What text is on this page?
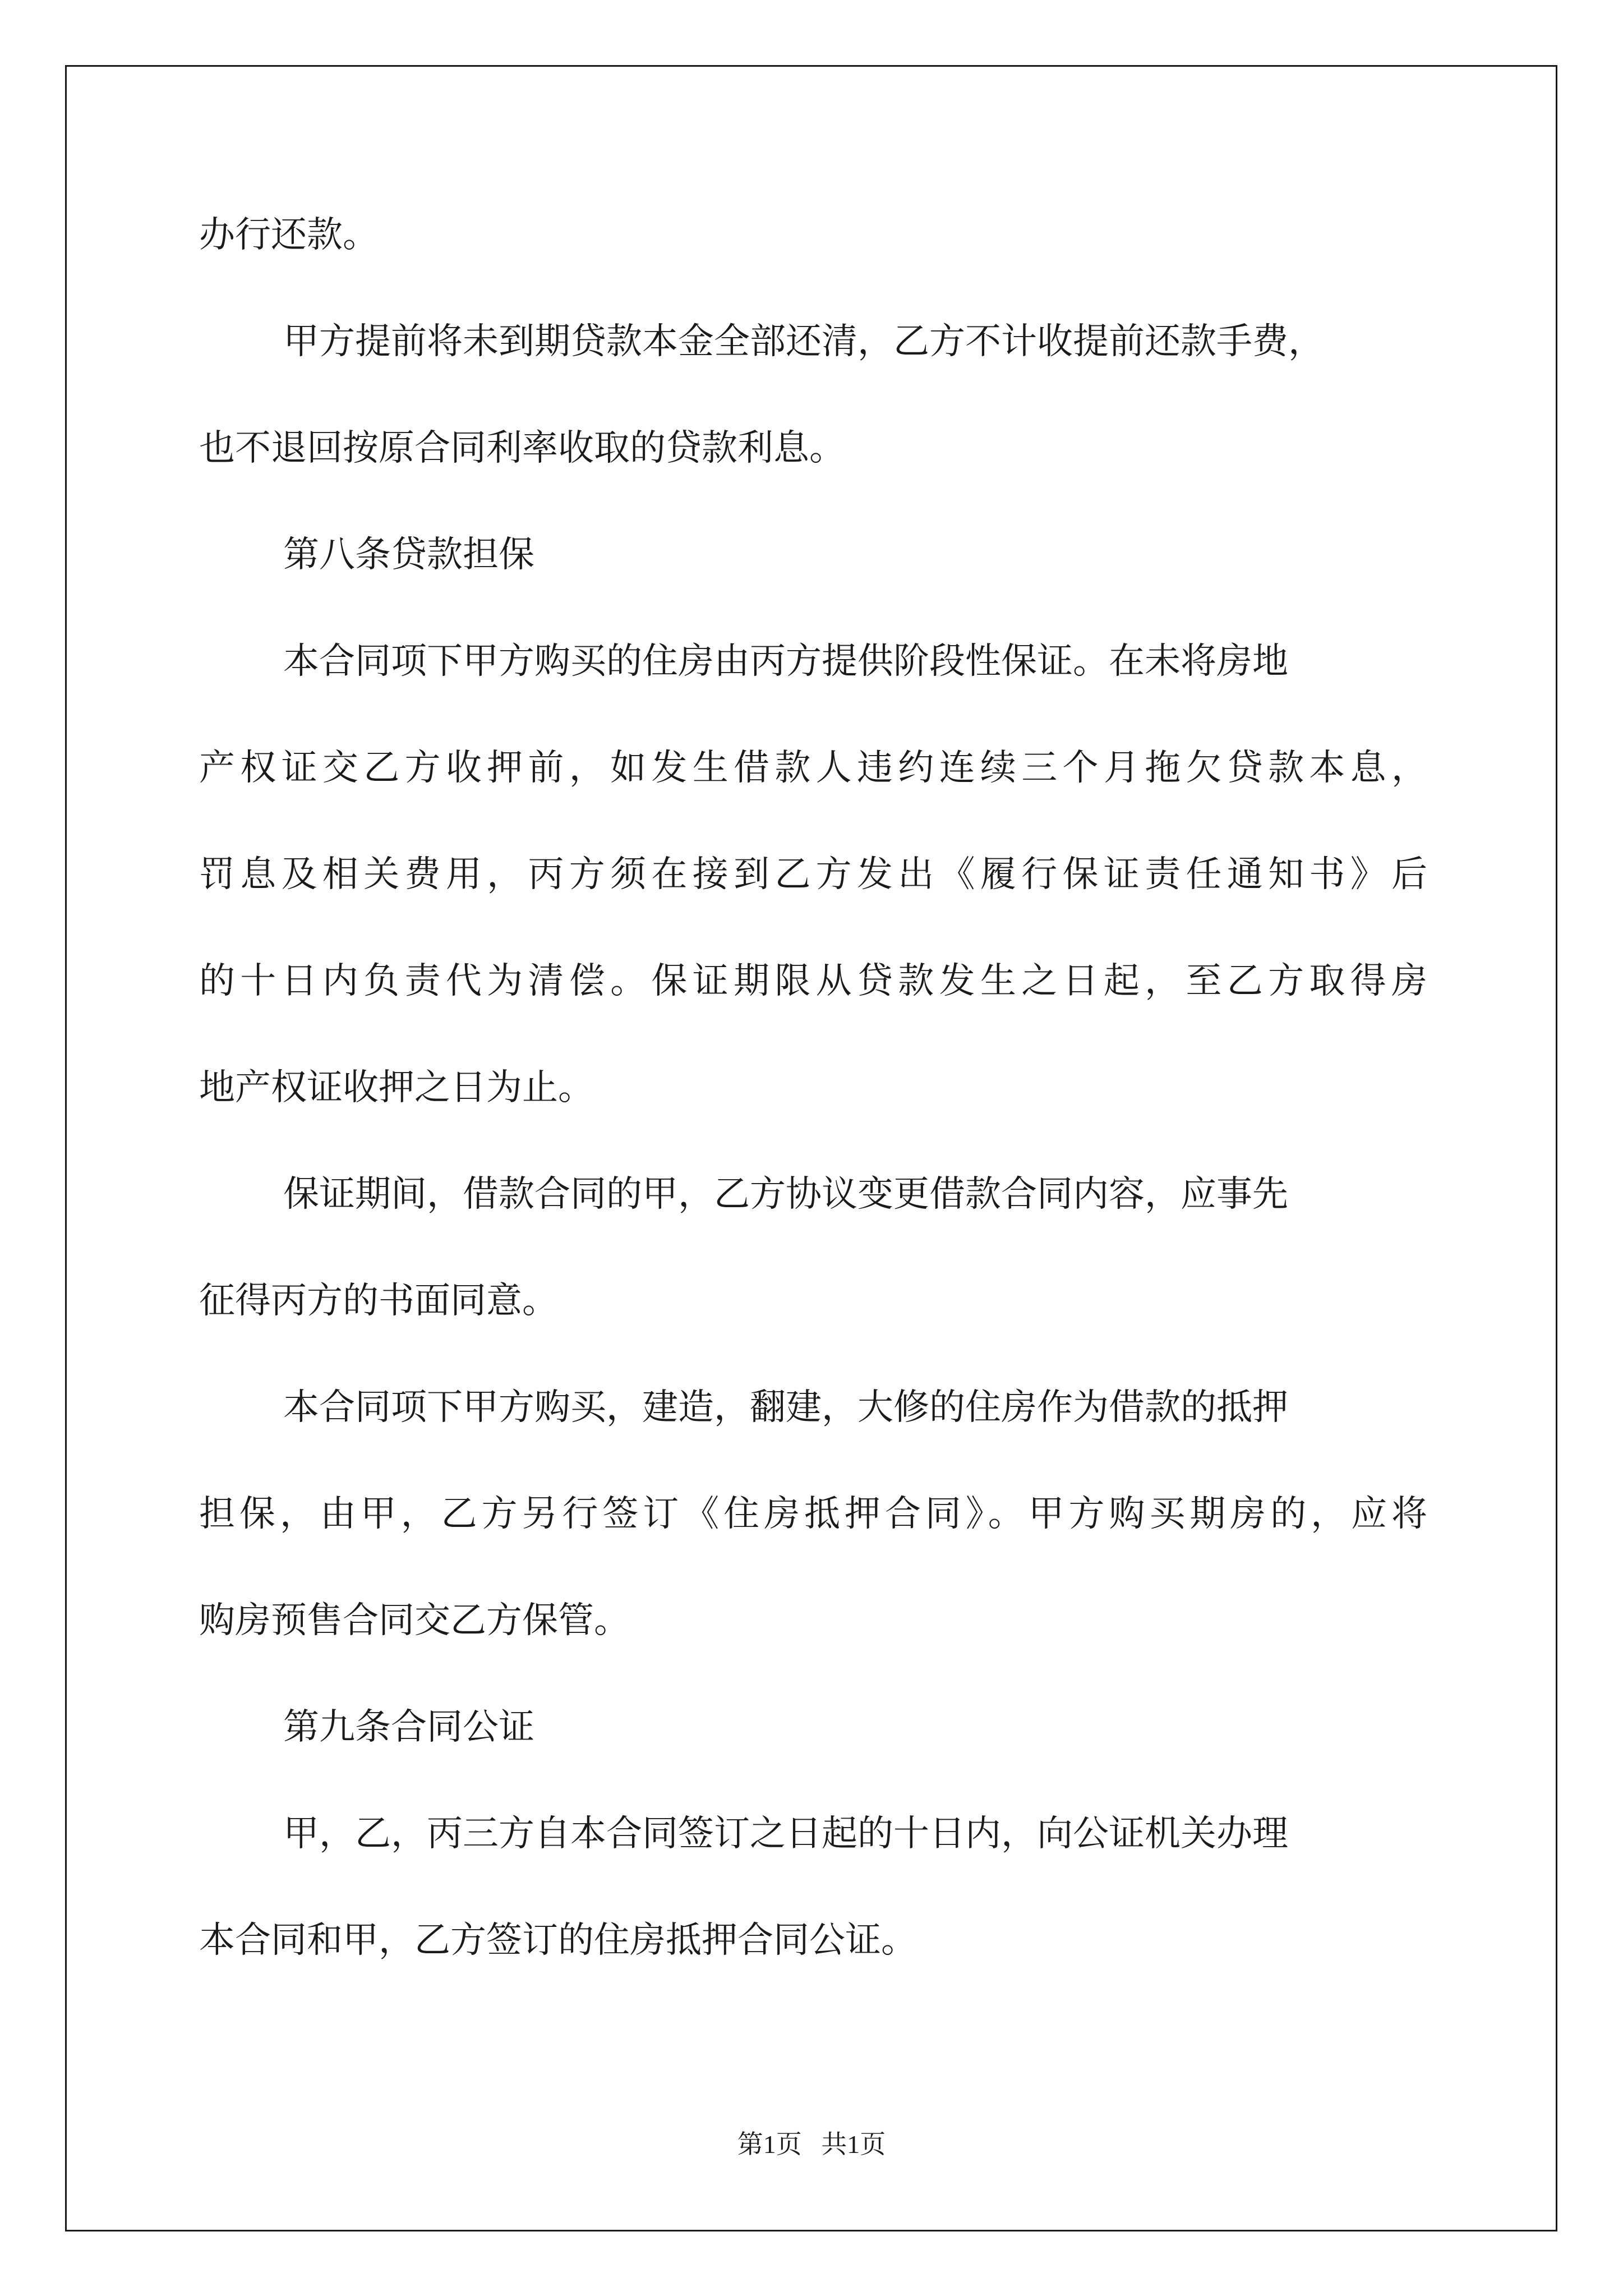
办行还款。

甲方提前将未到期贷款本金全部还清，乙方不计收提前还款手费，

也不退回按原合同利率收取的贷款利息。

第八条贷款担保

本合同项下甲方购买的住房由丙方提供阶段性保证。在未将房地

产权证交乙方收押前，如发生借款人违约连续三个月拖欠贷款本息，

罚息及相关费用，丙方须在接到乙方发出《履行保证责任通知书》后

的十日内负责代为清偿。保证期限从贷款发生之日起，至乙方取得房

地产权证收押之日为止。

保证期间，借款合同的甲，乙方协议变更借款合同内容，应事先

征得丙方的书面同意。

本合同项下甲方购买，建造，翻建，大修的住房作为借款的抵押

担保，由甲，乙方另行签订《住房抵押合同》。甲方购买期房的，应将

购房预售合同交乙方保管。

第九条合同公证

甲，乙，丙三方自本合同签订之日起的十日内，向公证机关办理

本合同和甲，乙方签订的住房抵押合同公证。

第1页   共1页
